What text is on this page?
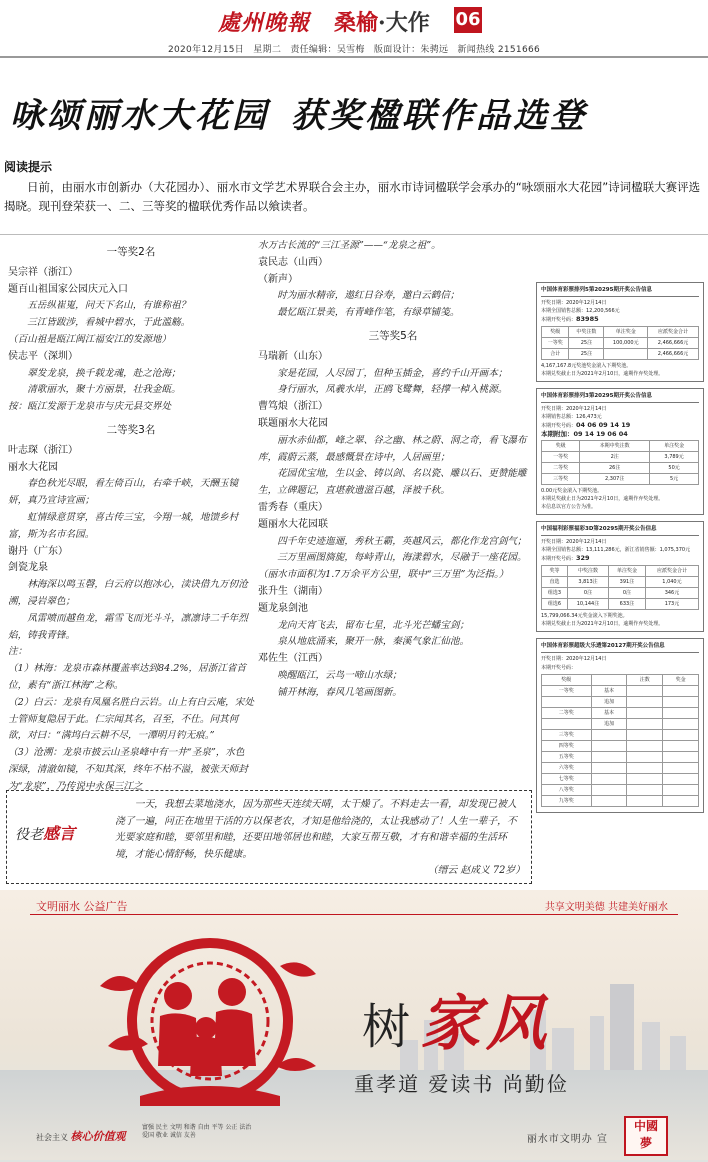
處州晚報 桑榆·大作 06
2020年12月15日 星期二 责任编辑：吴雪梅 版面设计：朱骋远 新闻热线 2151666
咏颂丽水大花园 获奖楹联作品选登
阅读提示
日前，由丽水市创新办（大花园办）、丽水市文学艺术界联合会主办，丽水市诗词楹联学会承办的“咏颂丽水大花园”诗词楹联大赛评选揭晓。现刊登荣获一、二、三等奖的楹联优秀作品以飨读者。
一等奖2名
吴宗祥（浙江）
题百山祖国家公园庆元入口
五岳纵崔嵬，问天下名山，有谁称祖？
三江皆跋涉，看城中碧水，于此滥觞。
（百山祖是瓯江闽江福安江的发源地）
侯志平（深圳）
翠发龙泉，换千载龙魂，赴之沧海；
清歌丽水，聚十方丽景，壮我金瓯。
按：瓯江发源于龙泉市与庆元县交界处
二等奖3名
叶志琛（浙江）
丽水大花园
春色秋光尽眼，看左倚百山，右牵千峡，天酬玉镜妍，真乃宣诗宣画；
虹情绿意贯穿，喜古传三宝，今翔一城，地馈乡村富，斯为名市名园。
谢丹（广东）
剑瓷龙泉
林海深以鸣玉磬，白云府以抱冰心，渎诀借九万仞沧溯，浸岩翠色；
凤雷喷而越鱼龙，霜雪飞而光斗斗，凛凛诗二千年烈焰，铸我青锋。
注：
（1）林海：龙泉市森林覆盖率达到84.2%，居浙江省首位，素有“浙江林海”之称。
（2）白云：龙泉有凤凰名胜白云岩。山上有白云庵，宋处士管师复隐居于此。仁宗闻其名，召至，不仕。问其何欲，对曰：“满坞白云耕不尽，一潭明月钓无痕。”
（3）沧溯：龙泉市披云山圣泉峰中有一井“圣泉”，水色深绿，清澈如镜，不知其深，终年不枯不溢，被张天师封为“龙泉”，乃传说中永保三江之
水万古长流的“三江圣源”——“龙泉之祖”。
袁民志（山西）
（新声）
时为丽水精帝，遨红日谷寿，邀白云鹤信；
最忆瓯江景美，有青峰作笔，有绿草铺笺。
三等奖5名
马瑞新（山东）
家是花园，人尽园丁，但种玉插金，喜约千山开画本；
身行丽水，凤羲水岸，正鸥飞鹭舞，轻撑一棹入桃源。
曹笃烺（浙江）
联题丽水大花园
丽水赤仙都，峰之翠、谷之幽、林之蔚、洞之奇，看飞瀑布库，霞蔚云蒸，最感慨景在诗中，人居画里；
花园优宝地，生以金、铸以剑、名以瓷、雕以石、更赞能雕生，立碑题记，直堪赦遗滋百越，泽被千秋。
雷秀春（重庆）
题丽水大花园联
四千年史迹迤逦，秀秋王霸，英越风云，都化作龙宫剑气；
三万里画图旖旎，每峙青山，海漾碧水，尽融于一座花园。
（丽水市面积为1.7万余平方公里，联中“三万里”为泛指。）
张升生（湖南）
题龙泉剑池
龙向天宵飞去，留布七星，北斗光芒蟠宝剑；
泉从地底涌来，聚开一脉，秦溪气象汇仙池。
邓佐生（江西）
唤醒瓯江，云鸟一啼山水绿；
铺开林海，春风几笔画图新。
中国体育彩票排列5第20295期开奖公告信息
开奖日期：2020年12月14日
本期全国销售总额：12,200,566元
本期开奖号码：83985
奖级	中奖注数	单注奖金	应派奖金合计
一等奖	25注	100,000元	2,466,666元
合计	25注		2,466,666元
4,167,167.8元奖池奖金滚入下期奖池。
本期兑奖截止日为2021年2月10日，逾期作弃奖处理。
中国体育彩票排列3第20295期开奖公告信息
开奖日期：2020年12月14日
本期销售总额：126,473元
本期开奖号码：04 06 09 14 19
本期附加：09 14 19 06 04
奖级	本期中奖注数	单注奖金
一等奖	2注	3,789元
二等奖	26注	50元
三等奖	2,307注	5元
0.00元奖金滚入下期奖池。
本期兑奖截止日为2021年2月10日，逾期作弃奖处理。
本信息以官方公告为准。
中国福利彩票福彩3D第20295期开奖公告信息
开奖日期：2020年12月14日
本期全国销售总额：13,111,286元，浙江省销售额：1,075,370元
本期开奖号码：329
奖等	中奖注数	单注奖金	应派奖金合计
直选	3,813注	391注	1,040元
组选3	0注	0注	346元
组选6	10,144注	633注	173元
15,799,066.34元奖金滚入下期奖池。
本期兑奖截止日为2021年2月10日，逾期作弃奖处理。
中国体育彩票超级大乐透第20127期开奖公告信息
开奖日期：2020年12月14日
本期开奖号码：
奖级		注数	奖金
一等奖	基本		
	追加		
二等奖	基本		
	追加		
三等奖			
四等奖			
五等奖			
六等奖			
七等奖			
八等奖			
九等奖			
役老感言
一天，我想去菜地浇水，因为那些天连续天晴，太干燥了。不料走去一看，却发现已被人浇了一遍，问正在地里干活的方以保老农，才知是他给浇的，太让我感动了！人生一辈子，不光要家庭和睦，要邻里和睦，还要田地邻居也和睦，大家互帮互敬，才有和谐幸福的生活环境，才能心情舒畅，快乐健康。
（缙云 赵成义 72岁）
文明丽水 公益广告	共享文明美德 共建美好丽水
树 家风
重孝道 爱读书 尚勤俭
社会主义 核心价值观
富强 民主 文明 和谐 自由 平等 公正 法治
爱国 敬业 诚信 友善	丽水市文明办 宣
中國
夢
